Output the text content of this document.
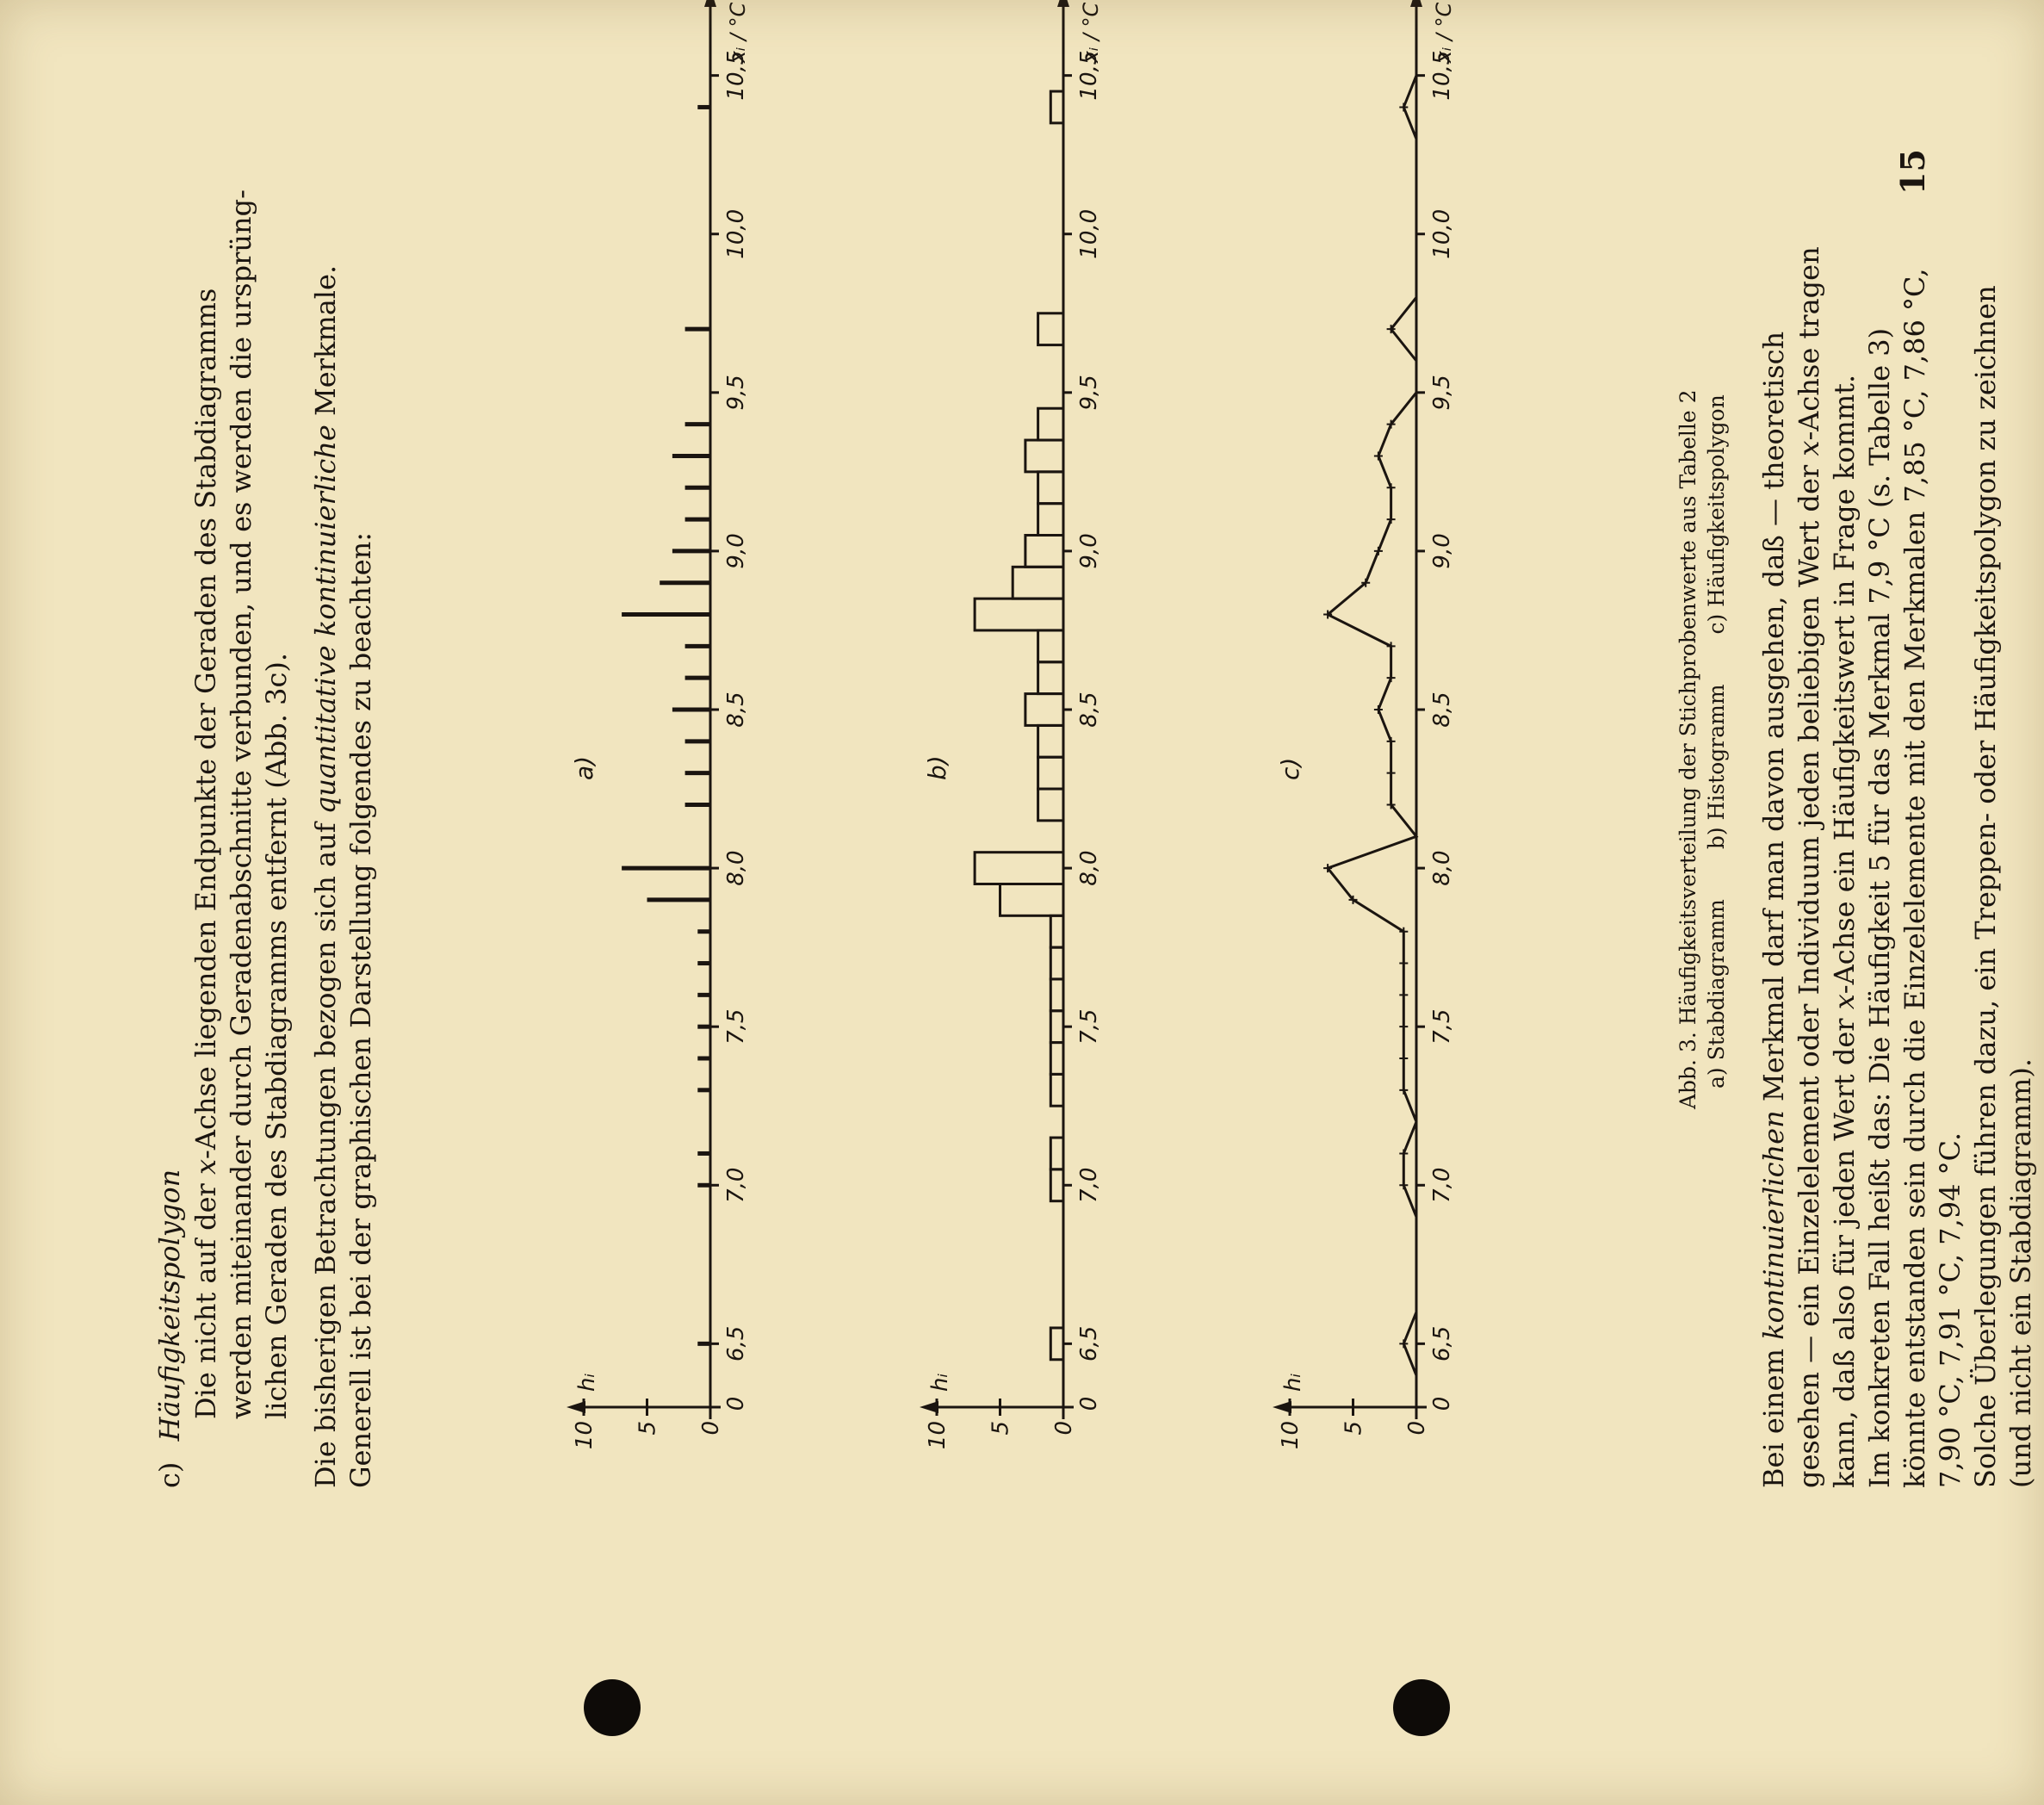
c) Häufigkeitspolygon Die nicht auf der x-Achse liegenden Endpunkte der Geraden des Stabdiagramms werden miteinander durch Geradenabschnitte verbunden, und es werden die ursprüng- lichen Geraden des Stabdiagramms entfernt (Abb. 3c). Die bisherigen Betrachtungen bezogen sich auf quantitative kontinuierliche Merkmale.
Generell ist bei der graphischen Darstellung folgendes zu beachten:	0
5
10
6,5
7,0
7,5
8,0
8,5
9,0
9,5
10,0
10,5
0
a)
hᵢ
xᵢ / °C
0
5
10
6,5
7,0
7,5
8,0
8,5
9,0
9,5
10,0
10,5
0
b)
hᵢ
xᵢ / °C
0
5
10
6,5
7,0
7,5
8,0
8,5
9,0
9,5
10,0
10,5
0
c)
hᵢ
xᵢ / °C
Abb. 3. Häufigkeitsverteilung der Stichprobenwerte aus Tabelle 2 a) Stabdiagramm b) Histogramm c) Häufigkeitspolygon
Bei einem kontinuierlichen Merkmal darf man davon ausgehen, daß — theoretisch gesehen — ein Einzelelement oder Individuum jeden beliebigen Wert der x-Achse tragen
kann, daß also für jeden Wert der x-Achse ein Häufigkeitswert in Frage kommt. Im konkreten Fall heißt das: Die Häufigkeit 5 für das Merkmal 7,9 °C (s. Tabelle 3) könnte entstanden sein durch die Einzelelemente mit den Merkmalen 7,85 °C, 7,86 °C, 7,90 °C, 7,91 °C, 7,94 °C. Solche Überlegungen führen dazu, ein Treppen- oder Häufigkeitspolygon zu zeichnen
15
(und nicht ein Stabdiagramm).
